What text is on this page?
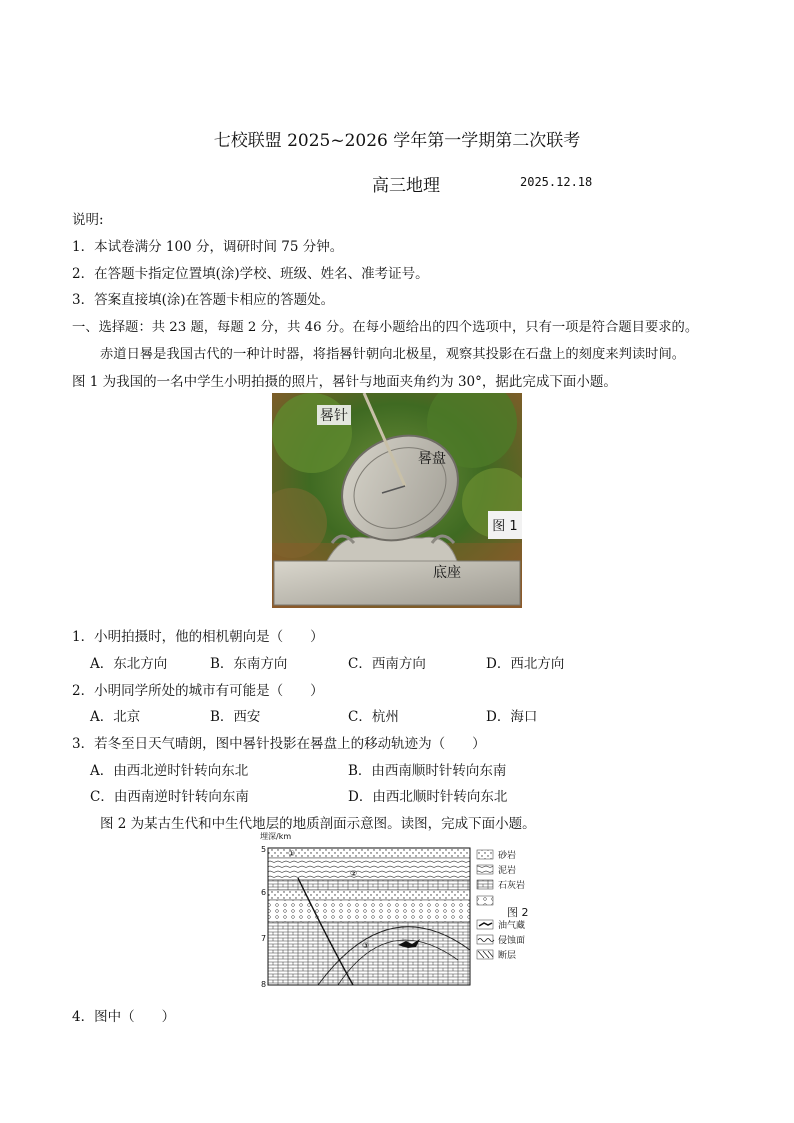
七校联盟 2025~2026 学年第一学期第二次联考
高三地理	2025.12.18
说明:
1．本试卷满分 100 分，调研时间 75 分钟。
2．在答题卡指定位置填(涂)学校、班级、姓名、准考证号。
3．答案直接填(涂)在答题卡相应的答题处。
一、选择题：共 23 题，每题 2 分，共 46 分。在每小题给出的四个选项中，只有一项是符合题目要求的。
赤道日晷是我国古代的一种计时器，将指晷针朝向北极星，观察其投影在石盘上的刻度来判读时间。
图 1 为我国的一名中学生小明拍摄的照片，晷针与地面夹角约为 30°，据此完成下面小题。
晷针
晷盘
底座
图 1
1．小明拍摄时，他的相机朝向是（　　）
A．东北方向	B．东南方向	C．西南方向	D．西北方向
2．小明同学所处的城市有可能是（　　）
A．北京	B．西安	C．杭州	D．海口
3．若冬至日天气晴朗，图中晷针投影在晷盘上的移动轨迹为（　　）
A．由西北逆时针转向东北	B．由西南顺时针转向东南
C．由西南逆时针转向东南	D．由西北顺时针转向东北
图 2 为某古生代和中生代地层的地质剖面示意图。读图，完成下面小题。
埋深/km
5
6
7
8
①
②
③
砂岩
泥岩
石灰岩
图 2
油气藏
侵蚀面
断层
4．图中（　　）
